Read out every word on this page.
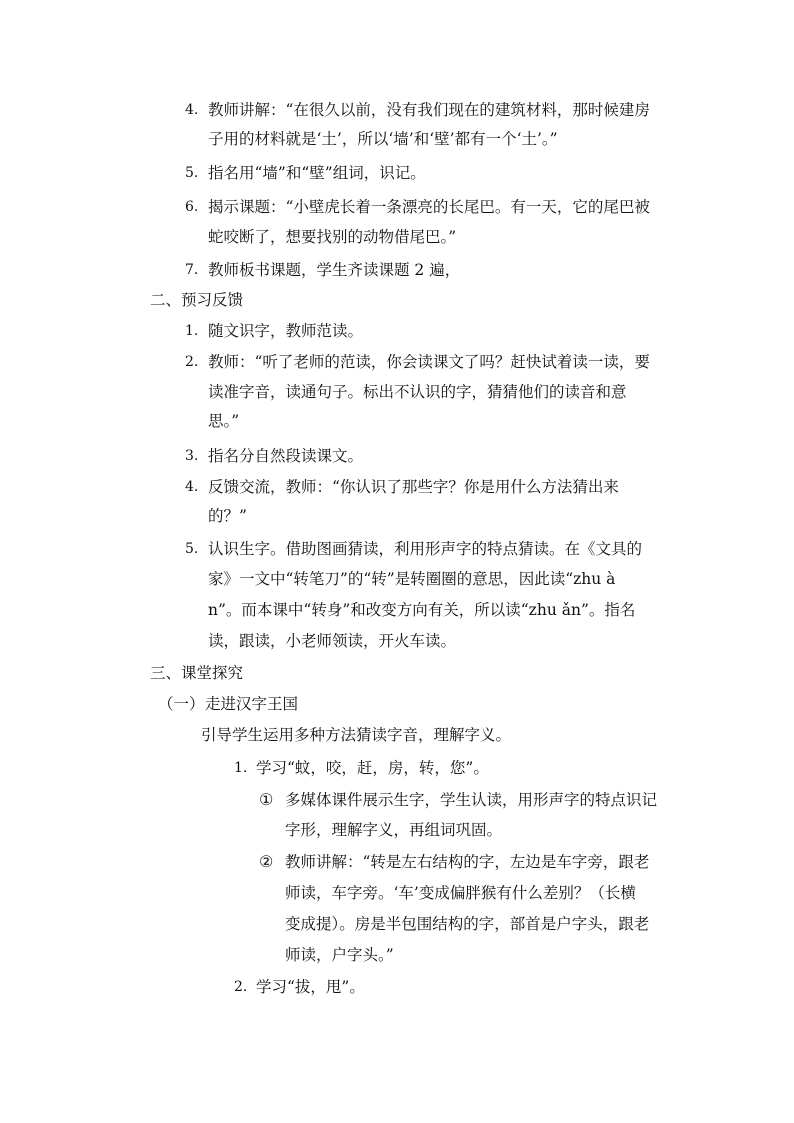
4. 教师讲解：“在很久以前，没有我们现在的建筑材料，那时候建房
子用的材料就是‘土’，所以‘墙’和‘壁’都有一个‘土’。”
5. 指名用“墙”和“壁”组词，识记。
6. 揭示课题：“小壁虎长着一条漂亮的长尾巴。有一天，它的尾巴被
蛇咬断了，想要找别的动物借尾巴。”
7. 教师板书课题，学生齐读课题 2 遍，
二、预习反馈
1. 随文识字，教师范读。
2. 教师：“听了老师的范读，你会读课文了吗？赶快试着读一读，要
读准字音，读通句子。标出不认识的字，猜猜他们的读音和意
思。”
3. 指名分自然段读课文。
4. 反馈交流，教师：“你认识了那些字？你是用什么方法猜出来
的？”
5. 认识生字。借助图画猜读，利用形声字的特点猜读。在《文具的
家》一文中“转笔刀”的“转”是转圈圈的意思，因此读“zhu à
n”。而本课中“转身”和改变方向有关，所以读“zhu ǎn”。指名
读，跟读，小老师领读，开火车读。
三、课堂探究
（一） 走进汉字王国
引导学生运用多种方法猜读字音，理解字义。
1. 学习“蚊，咬，赶，房，转，您”。
① 多媒体课件展示生字，学生认读，用形声字的特点识记
字形，理解字义，再组词巩固。
② 教师讲解：“转是左右结构的字，左边是车字旁，跟老
师读，车字旁。‘车’变成偏胖猴有什么差别？（长横
变成提）。房是半包围结构的字，部首是户字头，跟老
师读，户字头。”
2. 学习“拔，甩”。
